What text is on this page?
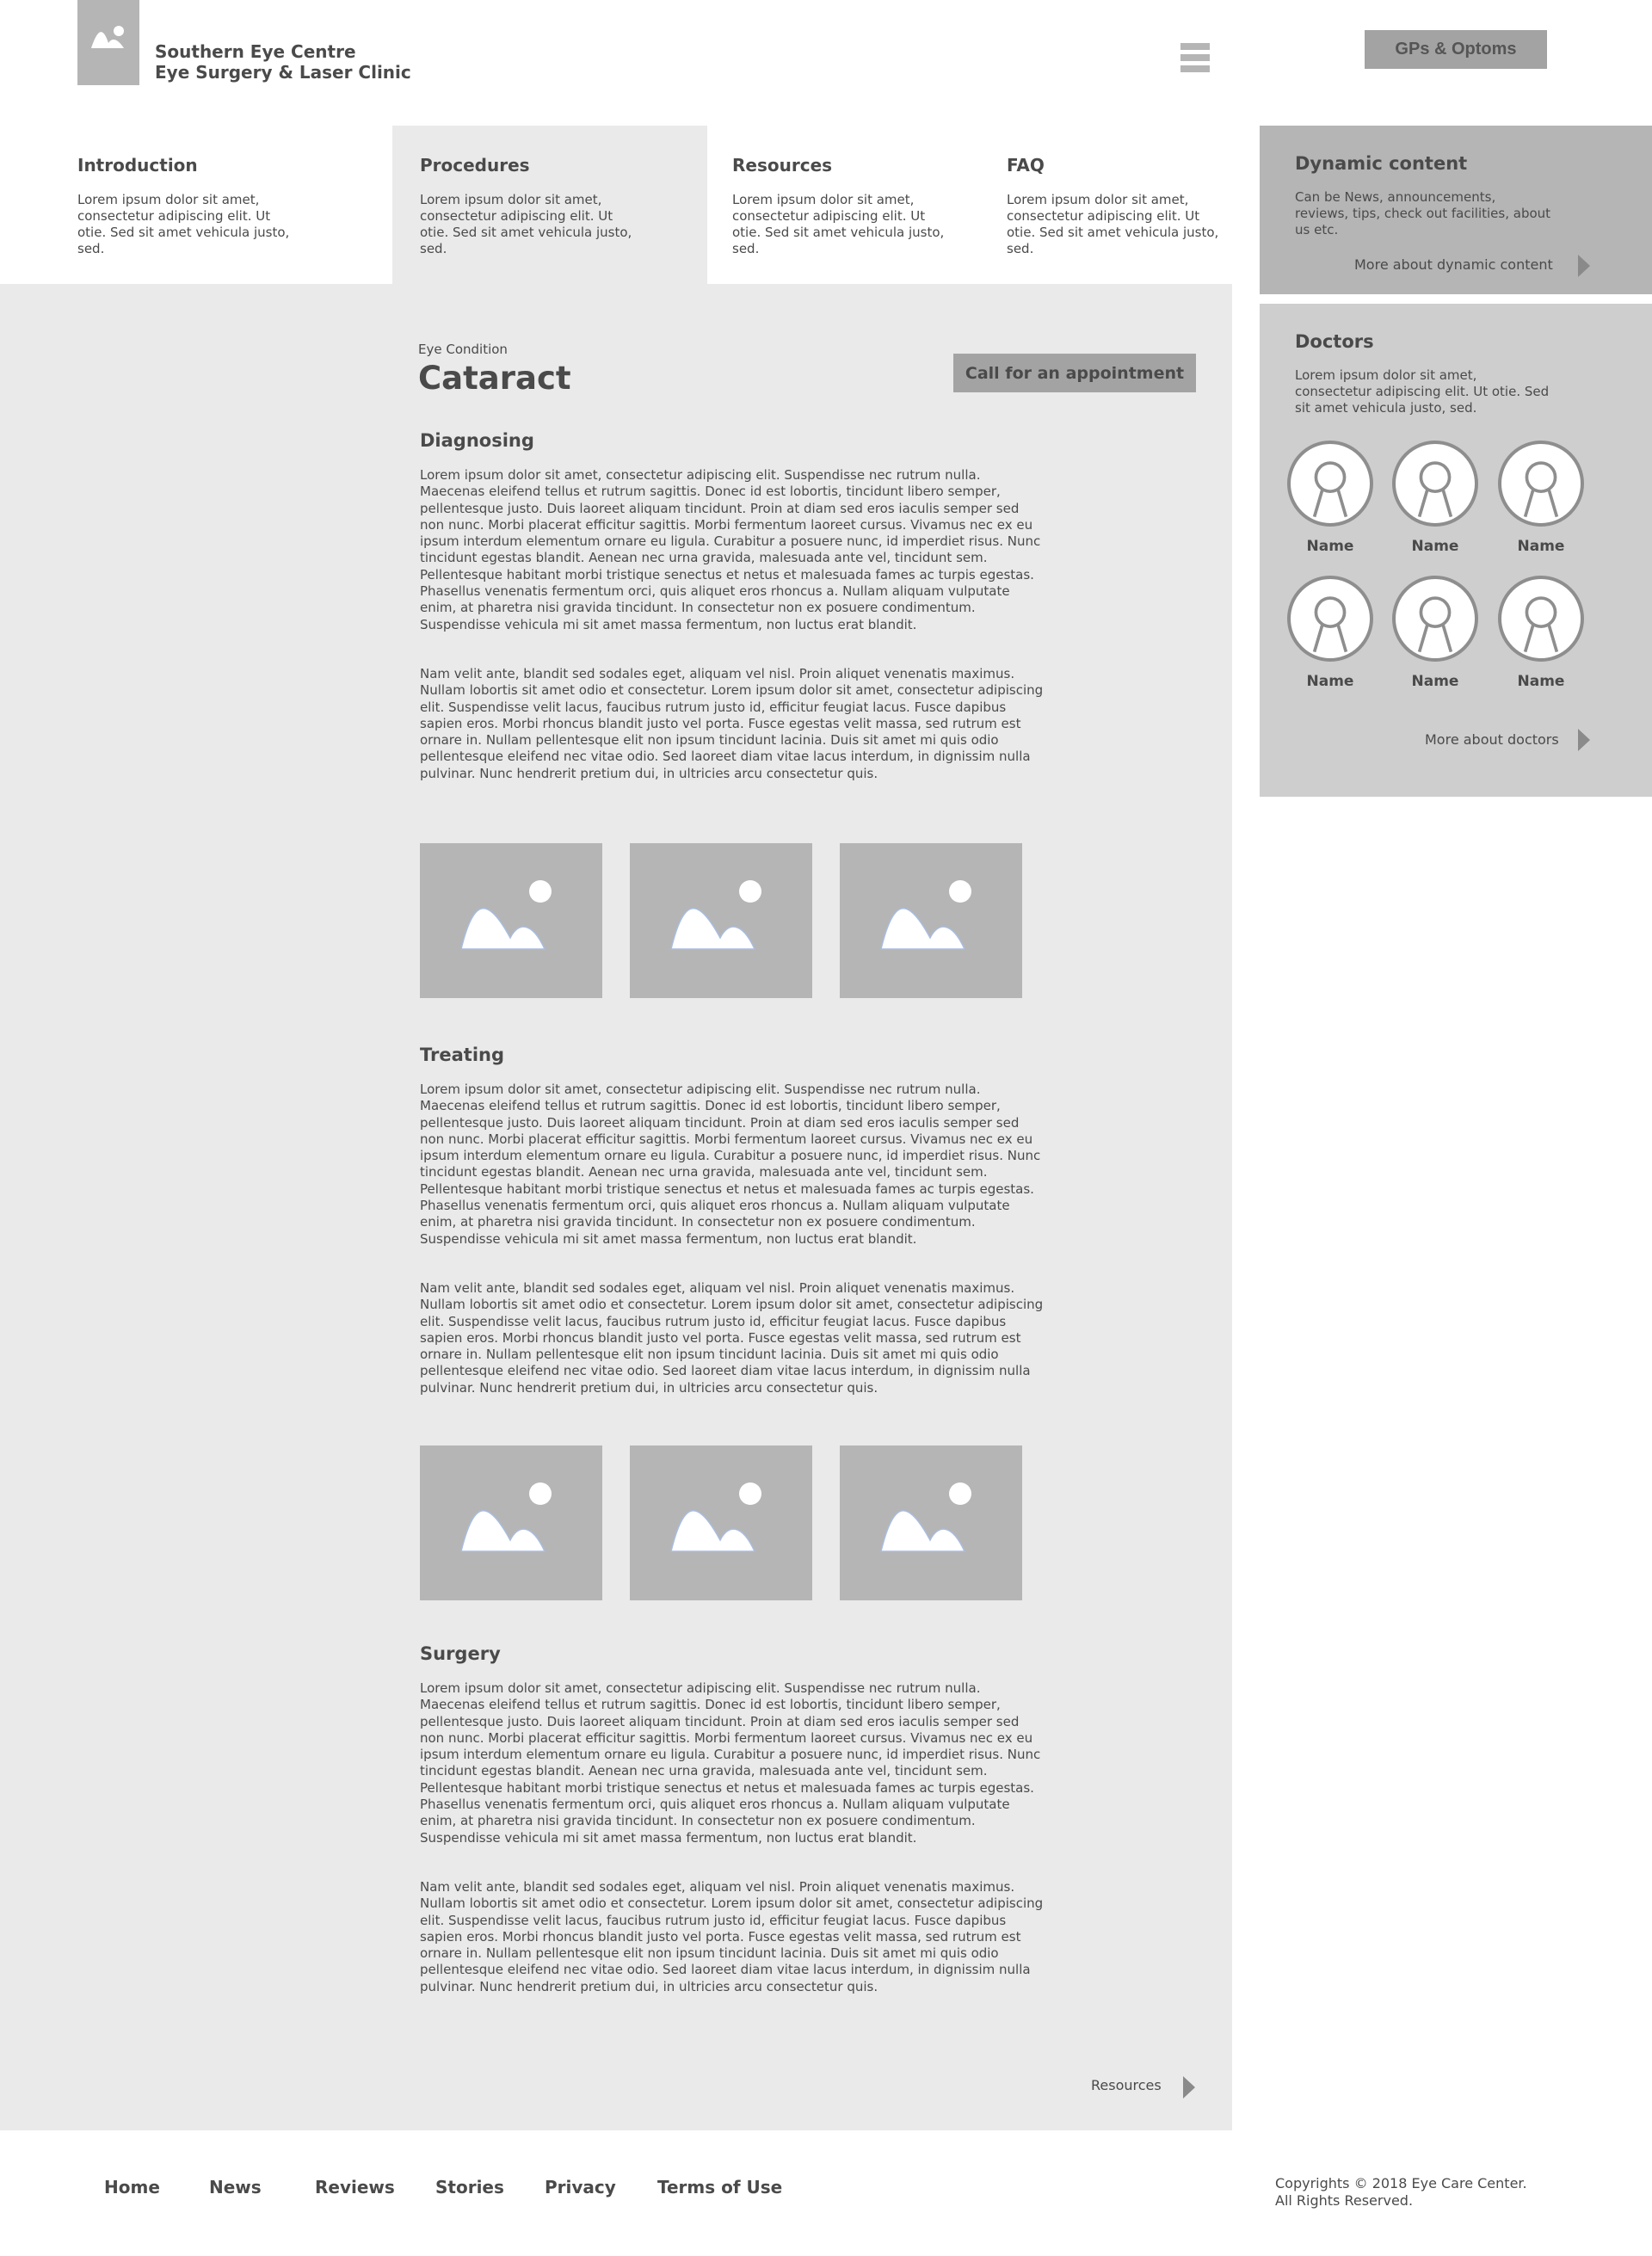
Southern Eye Centre
Eye Surgery & Laser Clinic
GPs & Optoms
Introduction
Lorem ipsum dolor sit amet, consectetur adipiscing elit. Ut otie. Sed sit amet vehicula justo, sed.
Procedures
Lorem ipsum dolor sit amet, consectetur adipiscing elit. Ut otie. Sed sit amet vehicula justo, sed.
Resources
Lorem ipsum dolor sit amet, consectetur adipiscing elit. Ut otie. Sed sit amet vehicula justo, sed.
FAQ
Lorem ipsum dolor sit amet, consectetur adipiscing elit. Ut otie. Sed sit amet vehicula justo, sed.
Eye Condition
Cataract	Call for an appointment
Diagnosing
Lorem ipsum dolor sit amet, consectetur adipiscing elit. Suspendisse nec rutrum nulla. Maecenas eleifend tellus et rutrum sagittis. Donec id est lobortis, tincidunt libero semper, pellentesque justo. Duis laoreet aliquam tincidunt. Proin at diam sed eros iaculis semper sed non nunc. Morbi placerat efficitur sagittis. Morbi fermentum laoreet cursus. Vivamus nec ex eu ipsum interdum elementum ornare eu ligula. Curabitur a posuere nunc, id imperdiet risus. Nunc tincidunt egestas blandit. Aenean nec urna gravida, malesuada ante vel, tincidunt sem. Pellentesque habitant morbi tristique senectus et netus et malesuada fames ac turpis egestas. Phasellus venenatis fermentum orci, quis aliquet eros rhoncus a. Nullam aliquam vulputate enim, at pharetra nisi gravida tincidunt. In consectetur non ex posuere condimentum. Suspendisse vehicula mi sit amet massa fermentum, non luctus erat blandit.
Nam velit ante, blandit sed sodales eget, aliquam vel nisl. Proin aliquet venenatis maximus. Nullam lobortis sit amet odio et consectetur. Lorem ipsum dolor sit amet, consectetur adipiscing elit. Suspendisse velit lacus, faucibus rutrum justo id, efficitur feugiat lacus. Fusce dapibus sapien eros. Morbi rhoncus blandit justo vel porta. Fusce egestas velit massa, sed rutrum est ornare in. Nullam pellentesque elit non ipsum tincidunt lacinia. Duis sit amet mi quis odio pellentesque eleifend nec vitae odio. Sed laoreet diam vitae lacus interdum, in dignissim nulla pulvinar. Nunc hendrerit pretium dui, in ultricies arcu consectetur quis.
Treating
Lorem ipsum dolor sit amet, consectetur adipiscing elit. Suspendisse nec rutrum nulla. Maecenas eleifend tellus et rutrum sagittis. Donec id est lobortis, tincidunt libero semper, pellentesque justo. Duis laoreet aliquam tincidunt. Proin at diam sed eros iaculis semper sed non nunc. Morbi placerat efficitur sagittis. Morbi fermentum laoreet cursus. Vivamus nec ex eu ipsum interdum elementum ornare eu ligula. Curabitur a posuere nunc, id imperdiet risus. Nunc tincidunt egestas blandit. Aenean nec urna gravida, malesuada ante vel, tincidunt sem. Pellentesque habitant morbi tristique senectus et netus et malesuada fames ac turpis egestas. Phasellus venenatis fermentum orci, quis aliquet eros rhoncus a. Nullam aliquam vulputate enim, at pharetra nisi gravida tincidunt. In consectetur non ex posuere condimentum. Suspendisse vehicula mi sit amet massa fermentum, non luctus erat blandit.
Nam velit ante, blandit sed sodales eget, aliquam vel nisl. Proin aliquet venenatis maximus. Nullam lobortis sit amet odio et consectetur. Lorem ipsum dolor sit amet, consectetur adipiscing elit. Suspendisse velit lacus, faucibus rutrum justo id, efficitur feugiat lacus. Fusce dapibus sapien eros. Morbi rhoncus blandit justo vel porta. Fusce egestas velit massa, sed rutrum est ornare in. Nullam pellentesque elit non ipsum tincidunt lacinia. Duis sit amet mi quis odio pellentesque eleifend nec vitae odio. Sed laoreet diam vitae lacus interdum, in dignissim nulla pulvinar. Nunc hendrerit pretium dui, in ultricies arcu consectetur quis.
Surgery
Lorem ipsum dolor sit amet, consectetur adipiscing elit. Suspendisse nec rutrum nulla. Maecenas eleifend tellus et rutrum sagittis. Donec id est lobortis, tincidunt libero semper, pellentesque justo. Duis laoreet aliquam tincidunt. Proin at diam sed eros iaculis semper sed non nunc. Morbi placerat efficitur sagittis. Morbi fermentum laoreet cursus. Vivamus nec ex eu ipsum interdum elementum ornare eu ligula. Curabitur a posuere nunc, id imperdiet risus. Nunc tincidunt egestas blandit. Aenean nec urna gravida, malesuada ante vel, tincidunt sem. Pellentesque habitant morbi tristique senectus et netus et malesuada fames ac turpis egestas. Phasellus venenatis fermentum orci, quis aliquet eros rhoncus a. Nullam aliquam vulputate enim, at pharetra nisi gravida tincidunt. In consectetur non ex posuere condimentum. Suspendisse vehicula mi sit amet massa fermentum, non luctus erat blandit.
Nam velit ante, blandit sed sodales eget, aliquam vel nisl. Proin aliquet venenatis maximus. Nullam lobortis sit amet odio et consectetur. Lorem ipsum dolor sit amet, consectetur adipiscing elit. Suspendisse velit lacus, faucibus rutrum justo id, efficitur feugiat lacus. Fusce dapibus sapien eros. Morbi rhoncus blandit justo vel porta. Fusce egestas velit massa, sed rutrum est ornare in. Nullam pellentesque elit non ipsum tincidunt lacinia. Duis sit amet mi quis odio pellentesque eleifend nec vitae odio. Sed laoreet diam vitae lacus interdum, in dignissim nulla pulvinar. Nunc hendrerit pretium dui, in ultricies arcu consectetur quis.
Resources
Dynamic content
Can be News, announcements, reviews, tips, check out facilities, about us etc.
More about dynamic content
Doctors
Lorem ipsum dolor sit amet, consectetur adipiscing elit. Ut otie. Sed sit amet vehicula justo, sed.
Name	Name	Name
Name	Name	Name
More about doctors
Home	News	Reviews Stories Privacy Terms of Use	Copyrights © 2018 Eye Care Center.
All Rights Reserved.
